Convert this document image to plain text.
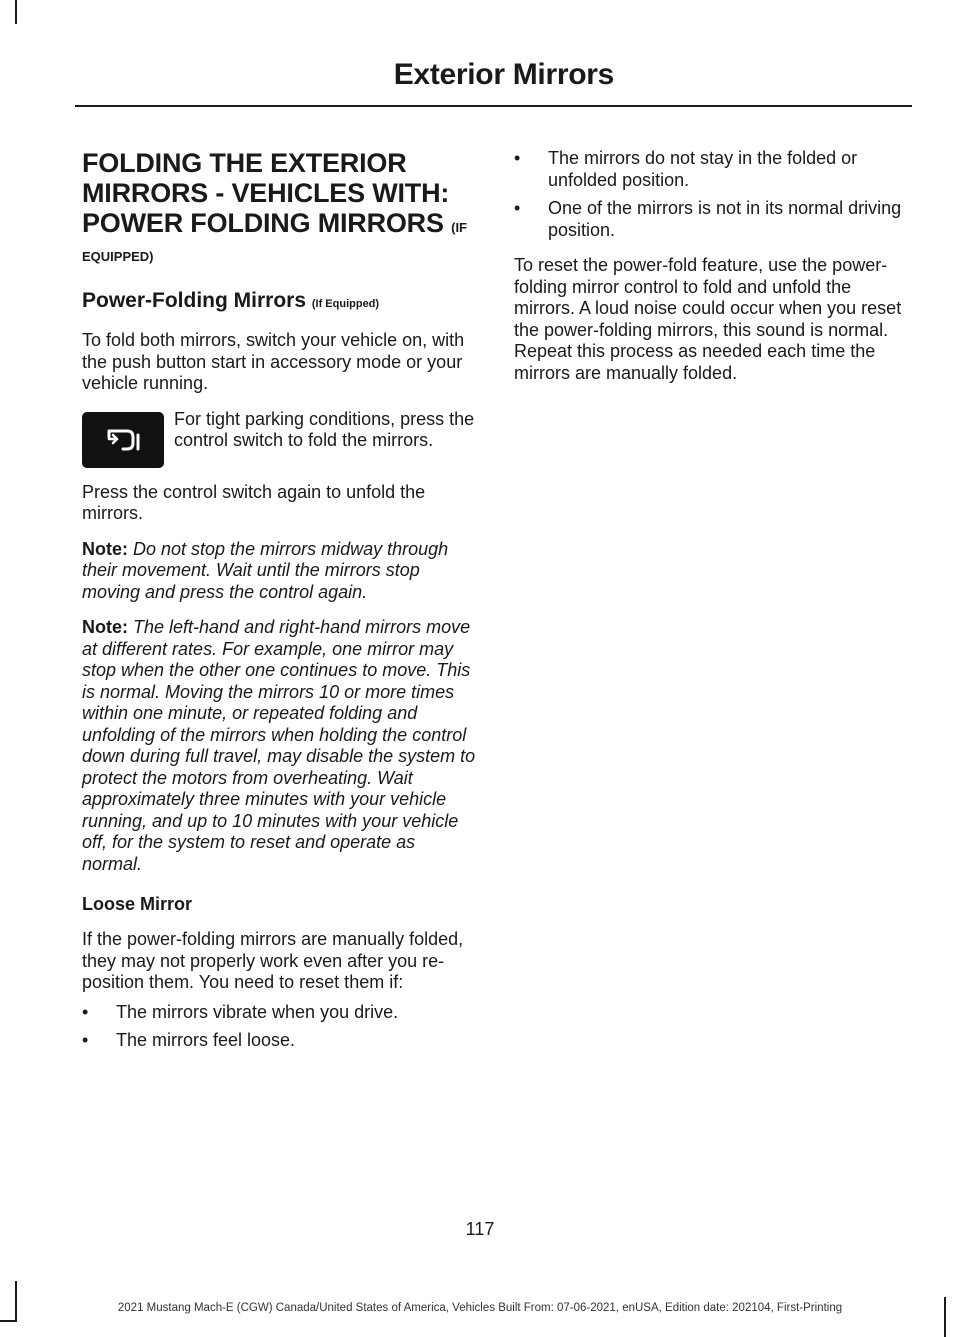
Exterior Mirrors
FOLDING THE EXTERIOR MIRRORS - VEHICLES WITH: POWER FOLDING MIRRORS (IF
EQUIPPED)
Power-Folding Mirrors (If Equipped)

To fold both mirrors, switch your vehicle on, with the push button start in accessory mode or your vehicle running.

For tight parking conditions, press the control switch to fold the mirrors.

Press the control switch again to unfold the mirrors.

Note: Do not stop the mirrors midway through their movement. Wait until the mirrors stop moving and press the control again.

Note: The left-hand and right-hand mirrors move at different rates. For example, one mirror may stop when the other one continues to move. This is normal. Moving the mirrors 10 or more times within one minute, or repeated folding and unfolding of the mirrors when holding the control down during full travel, may disable the system to protect the motors from overheating. Wait approximately three minutes with your vehicle running, and up to 10 minutes with your vehicle off, for the system to reset and operate as normal.

Loose Mirror

If the power-folding mirrors are manually folded, they may not properly work even after you re-position them. You need to reset them if:

•	The mirrors vibrate when you drive.
•	The mirrors feel loose.
•	The mirrors do not stay in the folded or unfolded position.
•	One of the mirrors is not in its normal driving position.

To reset the power-fold feature, use the power-folding mirror control to fold and unfold the mirrors. A loud noise could occur when you reset the power-folding mirrors, this sound is normal. Repeat this process as needed each time the mirrors are manually folded.

117
2021 Mustang Mach-E (CGW) Canada/United States of America, Vehicles Built From: 07-06-2021, enUSA, Edition date: 202104, First-Printing
